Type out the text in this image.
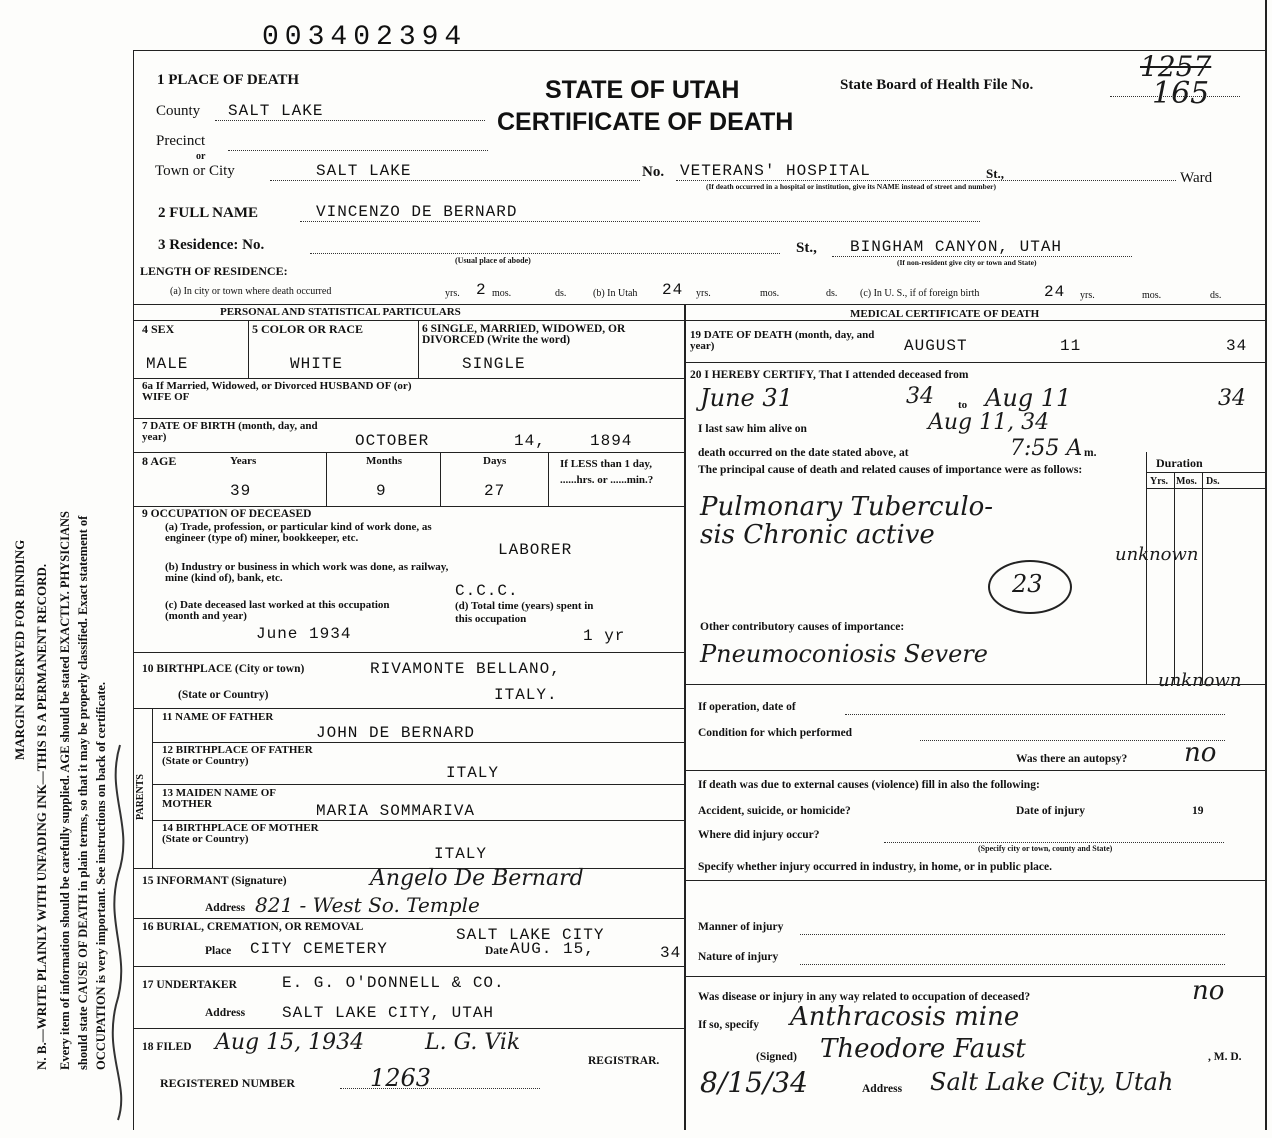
003402394
MARGIN RESERVED FOR BINDING N. B.—WRITE PLAINLY WITH UNFADING INK—THIS IS A PERMANENT RECORD. Every item of information should be carefully supplied. AGE should be stated EXACTLY. PHYSICIANS should state CAUSE OF DEATH in plain terms, so that it may be properly classified. Exact statement of OCCUPATION is very important. See instructions on back of certificate.
1 PLACE OF DEATH	STATE OF UTAH
CERTIFICATE OF DEATH
State Board of Health File No.
1257
165
County SALT LAKE
Precinct
or
Town or City	SALT LAKE	No. VETERANS' HOSPITAL	St.,	Ward
(If death occurred in a hospital or institution, give its NAME instead of street and number)
2 FULL NAME	VINCENZO DE BERNARD
3 Residence: No.
(Usual place of abode)
St., BINGHAM CANYON, UTAH
(If non-resident give city or town and State)
LENGTH OF RESIDENCE:
(a) In city or town where death occurred	yrs. 2 mos.	ds.	(b) In Utah 24 yrs.	mos.	ds. (c) In U. S., if of foreign birth	24 yrs.	mos.	ds.
PERSONAL AND STATISTICAL PARTICULARS	MEDICAL CERTIFICATE OF DEATH
4 SEX	5 COLOR OR RACE	6 SINGLE, MARRIED, WIDOWED, OR DIVORCED (Write the word)
MALE	WHITE	SINGLE
6a If Married, Widowed, or Divorced HUSBAND OF (or) WIFE OF
7 DATE OF BIRTH (month, day, and year)	OCTOBER	14,	1894
8 AGE	Years	Months	Days	If LESS than 1 day, ......hrs. or ......min.?
39	9	27
9 OCCUPATION OF DECEASED
(a) Trade, profession, or particular kind of work done, as engineer (type of) miner, bookkeeper, etc.
LABORER
(b) Industry or business in which work was done, as railway, mine (kind of), bank, etc.
C.C.C.
(c) Date deceased last worked at this occupation (month and year)
June 1934
(d) Total time (years) spent in this occupation
1 yr
10 BIRTHPLACE (City or town)	RIVAMONTE BELLANO,
(State or Country)	ITALY.
PARENTS
11 NAME OF FATHER
JOHN DE BERNARD
12 BIRTHPLACE OF FATHER (State or Country)
ITALY
13 MAIDEN NAME OF MOTHER	MARIA SOMMARIVA
14 BIRTHPLACE OF MOTHER (State or Country)
ITALY
15 INFORMANT (Signature)	Angelo De Bernard
Address 821 - West So. Temple
16 BURIAL, CREMATION, OR REMOVAL	SALT LAKE CITY
Place CITY CEMETERY	Date AUG. 15,	34
17 UNDERTAKER	E. G. O'DONNELL & CO.
Address SALT LAKE CITY, UTAH
18 FILED Aug 15, 1934	L. G. Vik
REGISTRAR.
REGISTERED NUMBER	1263
19 DATE OF DEATH (month, day, and year)	AUGUST	11	34
20 I HEREBY CERTIFY, That I attended deceased from
June 31	34 to Aug 11	34
I last saw him alive on	Aug 11, 34
death occurred on the date stated above, at	7:55 A m.
The principal cause of death and related causes of importance were as follows:	Duration
Yrs. Mos. Ds.
Pulmonary Tuberculo-
sis Chronic active
unknown
23
Other contributory causes of importance:
Pneumoconiosis Severe
unknown
If operation, date of
Condition for which performed
Was there an autopsy? no
If death was due to external causes (violence) fill in also the following:
Accident, suicide, or homicide?	Date of injury	19
Where did injury occur?
(Specify city or town, county and State)
Specify whether injury occurred in industry, in home, or in public place.
Manner of injury
Nature of injury
Was disease or injury in any way related to occupation of deceased?	no
If so, specify Anthracosis mine
(Signed) Theodore Faust	, M. D.
8/15/34	Address Salt Lake City, Utah
